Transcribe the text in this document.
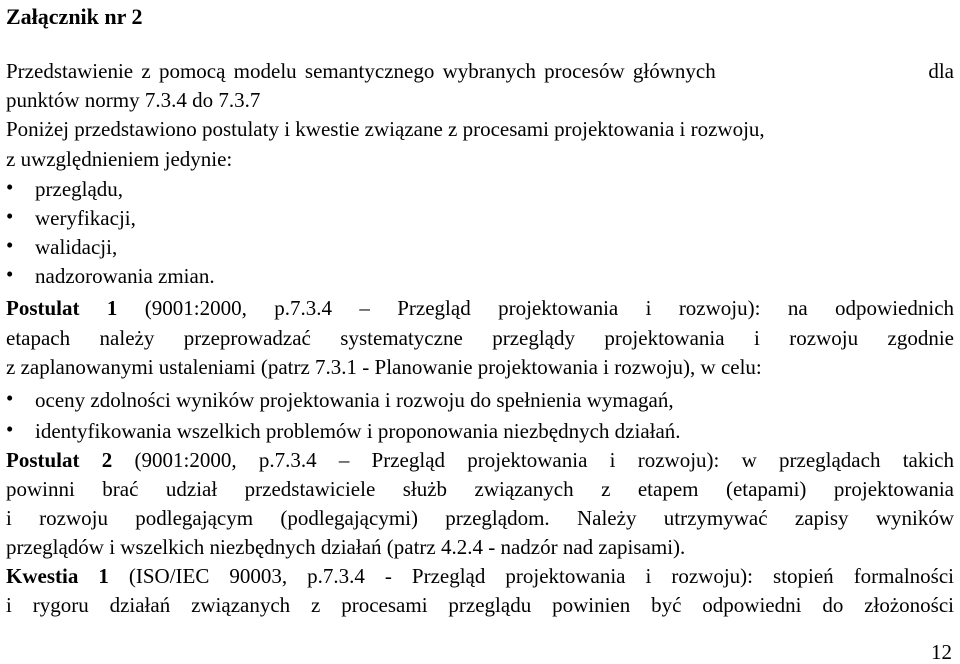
Załącznik nr 2
Przedstawienie z pomocą modelu semantycznego wybranych procesów głównych	dla
punktów normy 7.3.4 do 7.3.7
Poniżej przedstawiono postulaty i kwestie związane z procesami projektowania i rozwoju,
z uwzględnieniem jedynie:
• przeglądu,
• weryfikacji,
• walidacji,
• nadzorowania zmian.
Postulat 1 (9001:2000, p.7.3.4 – Przegląd projektowania i rozwoju): na odpowiednich
etapach należy przeprowadzać systematyczne przeglądy projektowania i rozwoju zgodnie
z zaplanowanymi ustaleniami (patrz 7.3.1 - Planowanie projektowania i rozwoju), w celu:
• oceny zdolności wyników projektowania i rozwoju do spełnienia wymagań,
• identyfikowania wszelkich problemów i proponowania niezbędnych działań.
Postulat 2 (9001:2000, p.7.3.4 – Przegląd projektowania i rozwoju): w przeglądach takich
powinni brać udział przedstawiciele służb związanych z etapem (etapami) projektowania
i rozwoju podlegającym (podlegającymi) przeglądom. Należy utrzymywać zapisy wyników
przeglądów i wszelkich niezbędnych działań (patrz 4.2.4 - nadzór nad zapisami).
Kwestia 1 (ISO/IEC 90003, p.7.3.4 - Przegląd projektowania i rozwoju): stopień formalności
i rygoru działań związanych z procesami przeglądu powinien być odpowiedni do złożoności
12
